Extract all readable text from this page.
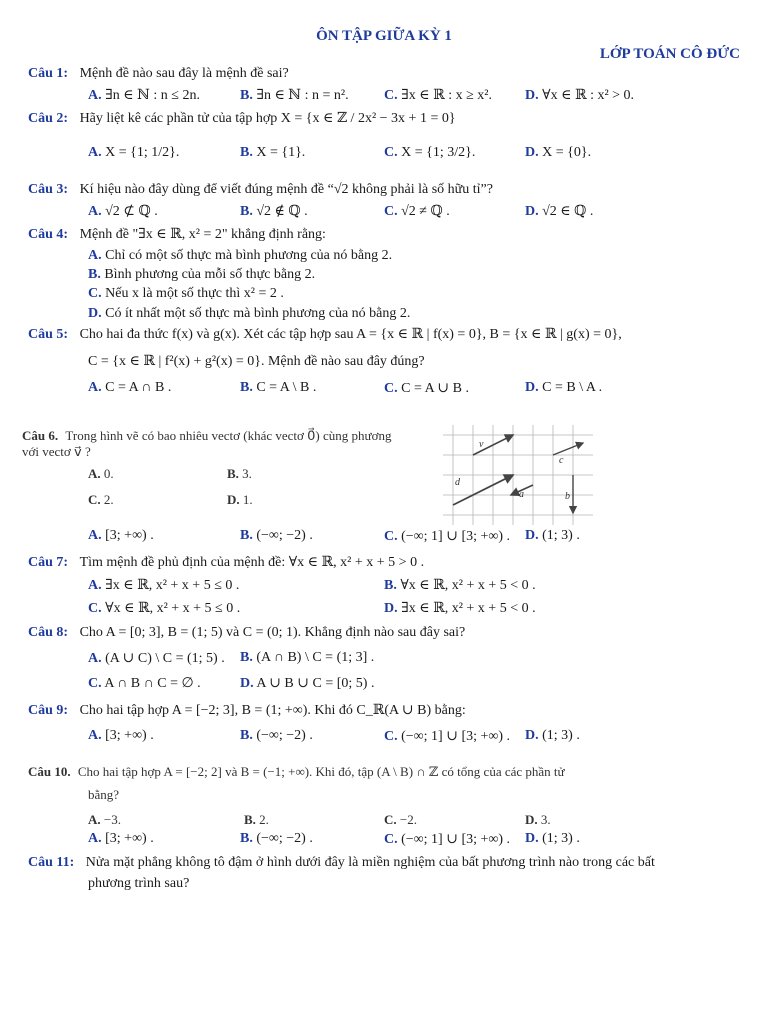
ÔN TẬP GIỮA KỲ 1
LỚP TOÁN CÔ ĐỨC
Câu 1: Mệnh đề nào sau đây là mệnh đề sai?
A. ∃n ∈ ℕ : n ≤ 2n.	B. ∃n ∈ ℕ : n = n².	C. ∃x ∈ ℝ : x ≥ x². D. ∀x ∈ ℝ : x² > 0.
Câu 2: Hãy liệt kê các phần tử của tập hợp X = {x ∈ ℤ / 2x² − 3x + 1 = 0}
A. X = {1; 1/2}.	B. X = {1}.	C. X = {1; 3/2}.	D. X = {0}.
Câu 3: Kí hiệu nào đây dùng để viết đúng mệnh đề “√2 không phải là số hữu tỉ”?
A. √2 ⊄ ℚ .	B. √2 ∉ ℚ .	C. √2 ≠ ℚ .	D. √2 ∈ ℚ .
Câu 4: Mệnh đề "∃x ∈ ℝ, x² = 2" khẳng định rằng:
A. Chỉ có một số thực mà bình phương của nó bằng 2.
B. Bình phương của mỗi số thực bằng 2.
C. Nếu x là một số thực thì x² = 2 .
D. Có ít nhất một số thực mà bình phương của nó bằng 2.
Câu 5: Cho hai đa thức f(x) và g(x). Xét các tập hợp sau A = {x ∈ ℝ | f(x) = 0}, B = {x ∈ ℝ | g(x) = 0},
C = {x ∈ ℝ | f²(x) + g²(x) = 0}. Mệnh đề nào sau đây đúng?
A. C = A ∩ B .	B. C = A \ B .	C. C = A ∪ B .	D. C = B \ A .
Câu 6. Trong hình vẽ có bao nhiêu vectơ (khác vectơ 0⃗) cùng phương
với vectơ v⃗ ?
A. 0.	B. 3.
C. 2.	D. 1.
v⃗
c⃗
d⃗
a⃗	b⃗
A. [3; +∞) .	B. (−∞; −2) .	C. (−∞; 1] ∪ [3; +∞) . D. (1; 3) .
Câu 7: Tìm mệnh đề phủ định của mệnh đề: ∀x ∈ ℝ, x² + x + 5 > 0 .
A. ∃x ∈ ℝ, x² + x + 5 ≤ 0 .	B. ∀x ∈ ℝ, x² + x + 5 < 0 .
C. ∀x ∈ ℝ, x² + x + 5 ≤ 0 .	D. ∃x ∈ ℝ, x² + x + 5 < 0 .
Câu 8: Cho A = [0; 3], B = (1; 5) và C = (0; 1). Khẳng định nào sau đây sai?
A. (A ∪ C) \ C = (1; 5) . B. (A ∩ B) \ C = (1; 3] .
C. A ∩ B ∩ C = ∅ .	D. A ∪ B ∪ C = [0; 5) .
Câu 9: Cho hai tập hợp A = [−2; 3], B = (1; +∞). Khi đó C_ℝ(A ∪ B) bằng:
A. [3; +∞) .	B. (−∞; −2) .	C. (−∞; 1] ∪ [3; +∞) . D. (1; 3) .
Câu 10. Cho hai tập hợp A = [−2; 2] và B = (−1; +∞). Khi đó, tập (A \ B) ∩ ℤ có tổng của các phần tử
bằng?
A. −3.	B. 2.	C. −2.	D. 3.
A. [3; +∞) .	B. (−∞; −2) .	C. (−∞; 1] ∪ [3; +∞) . D. (1; 3) .
Câu 11: Nửa mặt phẳng không tô đậm ở hình dưới đây là miền nghiệm của bất phương trình nào trong các bất
phương trình sau?
